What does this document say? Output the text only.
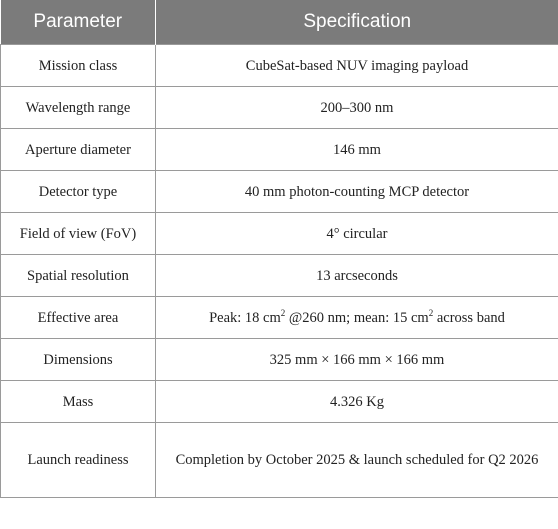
Parameter	Specification
Mission class	CubeSat-based NUV imaging payload
Wavelength range	200–300 nm
Aperture diameter	146 mm
Detector type	40 mm photon-counting MCP detector
Field of view (FoV)	4° circular
Spatial resolution	13 arcseconds
Effective area	Peak: 18 $cm^2$ @260 nm; mean: 15 $cm^2$ across band
Dimensions	325 mm × 166 mm × 166 mm
Mass	4.326 Kg
Launch readiness	Completion by October 2025 & launch scheduled for Q2 2026
